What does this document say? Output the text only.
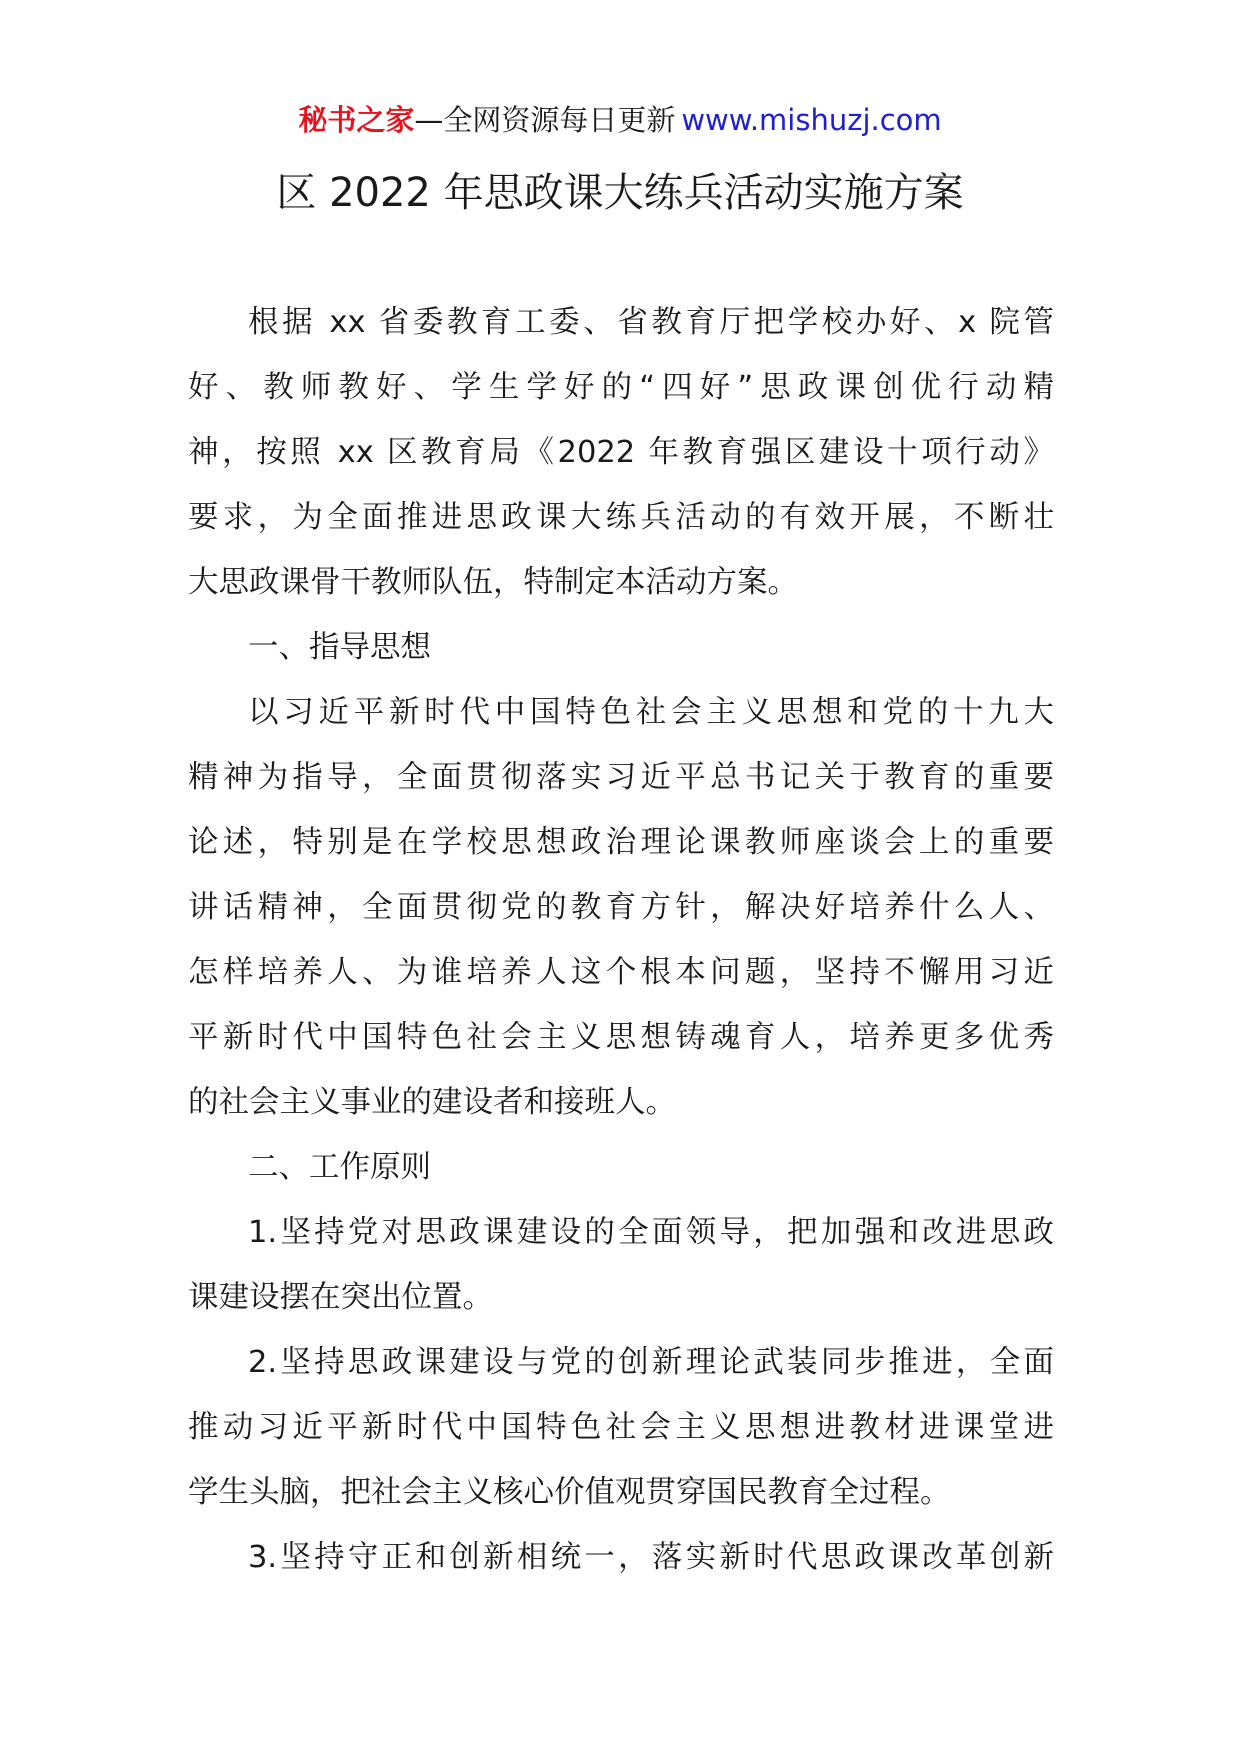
秘书之家—全网资源每日更新 www.mishuzj.com
区 2022 年思政课大练兵活动实施方案
根据 xx 省委教育工委、省教育厅把学校办好、x 院管
好、教师教好、学生学好的“四好”思政课创优行动精
神，按照 xx 区教育局《2022 年教育强区建设十项行动》
要求，为全面推进思政课大练兵活动的有效开展，不断壮
大思政课骨干教师队伍，特制定本活动方案。
一、指导思想
以习近平新时代中国特色社会主义思想和党的十九大
精神为指导，全面贯彻落实习近平总书记关于教育的重要
论述，特别是在学校思想政治理论课教师座谈会上的重要
讲话精神，全面贯彻党的教育方针，解决好培养什么人、
怎样培养人、为谁培养人这个根本问题，坚持不懈用习近
平新时代中国特色社会主义思想铸魂育人，培养更多优秀
的社会主义事业的建设者和接班人。
二、工作原则
1.坚持党对思政课建设的全面领导，把加强和改进思政
课建设摆在突出位置。
2.坚持思政课建设与党的创新理论武装同步推进，全面
推动习近平新时代中国特色社会主义思想进教材进课堂进
学生头脑，把社会主义核心价值观贯穿国民教育全过程。
3.坚持守正和创新相统一，落实新时代思政课改革创新
